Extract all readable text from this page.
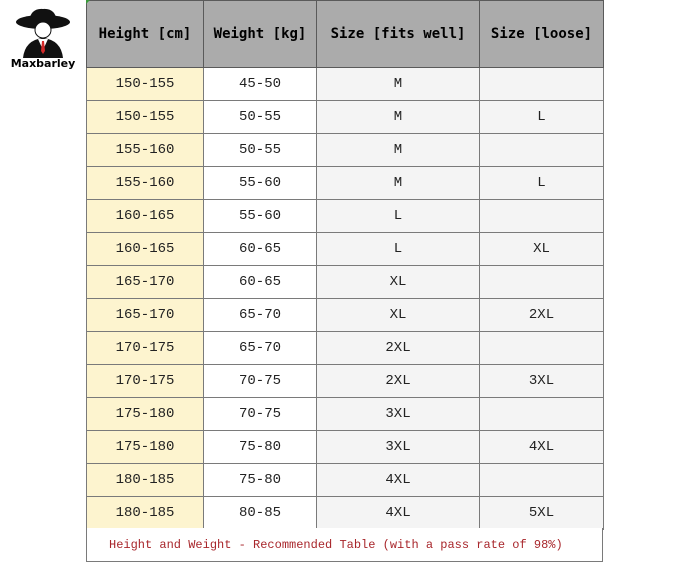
Maxbarley
Height [cm]	Weight [kg]	Size [fits well]	Size [loose]
150-155	45-50	M	
150-155	50-55	M	L
155-160	50-55	M	
155-160	55-60	M	L
160-165	55-60	L	
160-165	60-65	L	XL
165-170	60-65	XL	
165-170	65-70	XL	2XL
170-175	65-70	2XL	
170-175	70-75	2XL	3XL
175-180	70-75	3XL	
175-180	75-80	3XL	4XL
180-185	75-80	4XL	
180-185	80-85	4XL	5XL
Height and Weight - Recommended Table (with a pass rate of 98%)
